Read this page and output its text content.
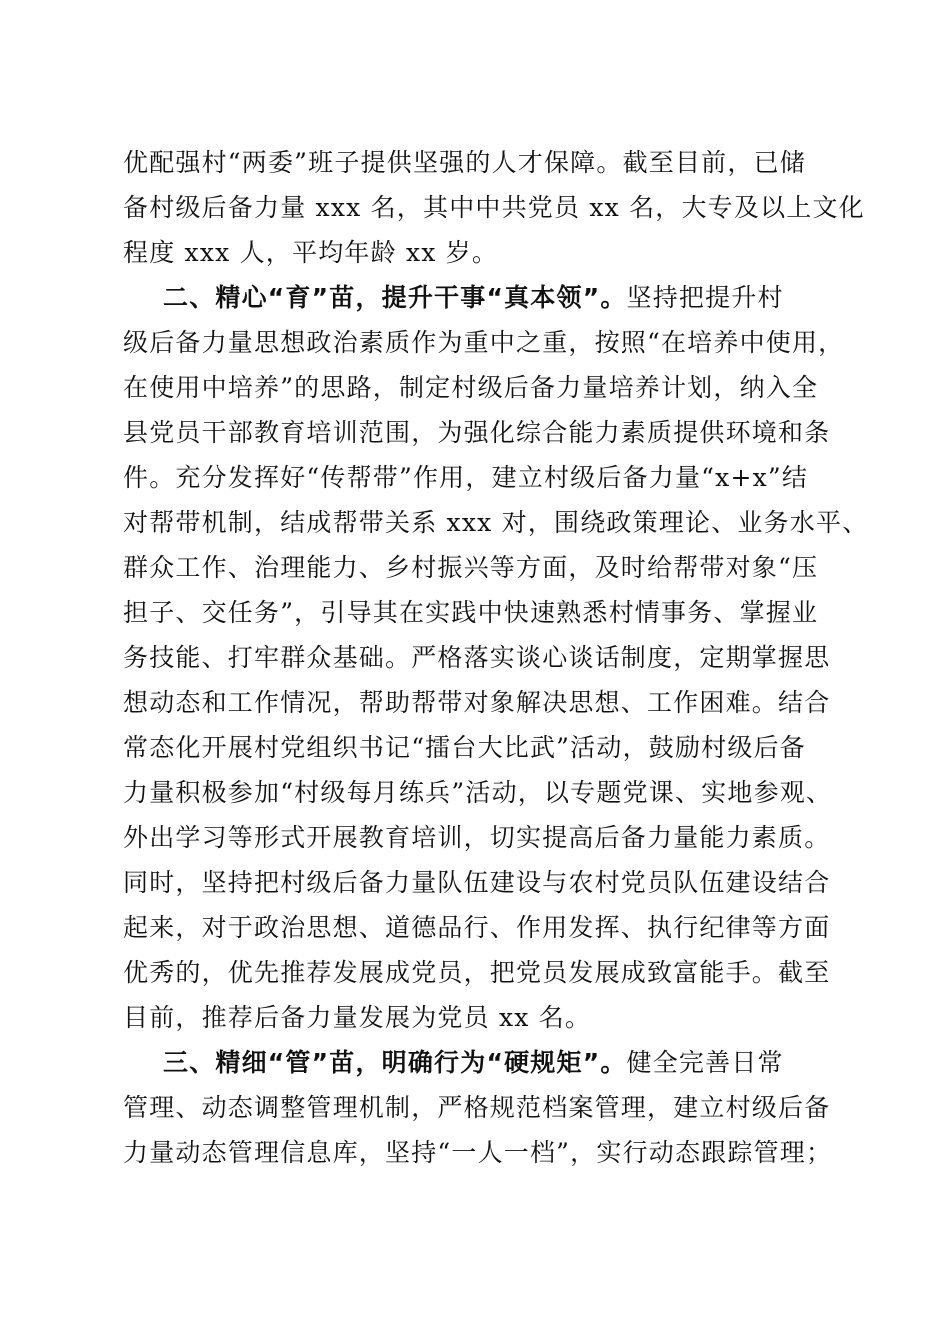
优配强村“两委”班子提供坚强的人才保障。截至目前，已储

备村级后备力量 xxx 名，其中中共党员 xx 名，大专及以上文化

程度 xxx 人，平均年龄 xx 岁。

二、精心“育”苗，提升干事“真本领”。坚持把提升村

级后备力量思想政治素质作为重中之重，按照“在培养中使用，

在使用中培养”的思路，制定村级后备力量培养计划，纳入全

县党员干部教育培训范围，为强化综合能力素质提供环境和条

件。充分发挥好“传帮带”作用，建立村级后备力量“x+x”结

对帮带机制，结成帮带关系 xxx 对，围绕政策理论、业务水平、

群众工作、治理能力、乡村振兴等方面，及时给帮带对象“压

担子、交任务”，引导其在实践中快速熟悉村情事务、掌握业

务技能、打牢群众基础。严格落实谈心谈话制度，定期掌握思

想动态和工作情况，帮助帮带对象解决思想、工作困难。结合

常态化开展村党组织书记“擂台大比武”活动，鼓励村级后备

力量积极参加“村级每月练兵”活动，以专题党课、实地参观、

外出学习等形式开展教育培训，切实提高后备力量能力素质。

同时，坚持把村级后备力量队伍建设与农村党员队伍建设结合

起来，对于政治思想、道德品行、作用发挥、执行纪律等方面

优秀的，优先推荐发展成党员，把党员发展成致富能手。截至

目前，推荐后备力量发展为党员 xx 名。

三、精细“管”苗，明确行为“硬规矩”。健全完善日常

管理、动态调整管理机制，严格规范档案管理，建立村级后备

力量动态管理信息库，坚持“一人一档”，实行动态跟踪管理；
